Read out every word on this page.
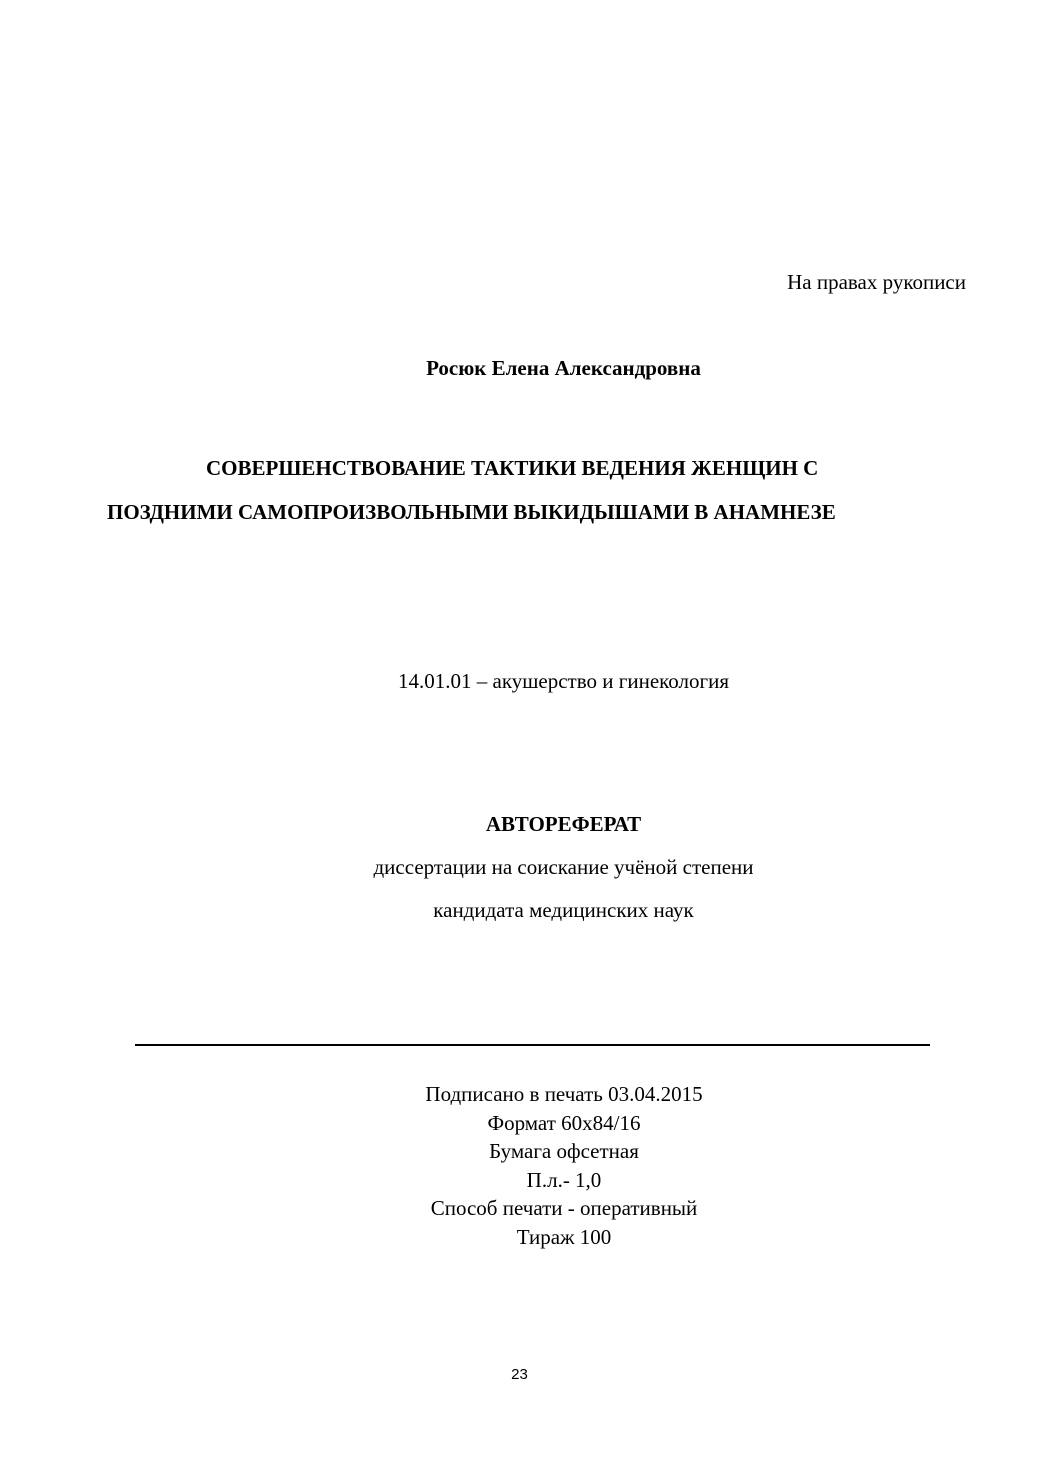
На правах рукописи
Росюк Елена Александровна
СОВЕРШЕНСТВОВАНИЕ ТАКТИКИ ВЕДЕНИЯ ЖЕНЩИН С
ПОЗДНИМИ САМОПРОИЗВОЛЬНЫМИ ВЫКИДЫШАМИ В АНАМНЕЗЕ
14.01.01 – акушерство и гинекология
АВТОРЕФЕРАТ
диссертации на соискание учёной степени
кандидата медицинских наук
Подписано в печать 03.04.2015
Формат 60х84/16
Бумага офсетная
П.л.- 1,0
Способ печати - оперативный
Тираж 100
23
